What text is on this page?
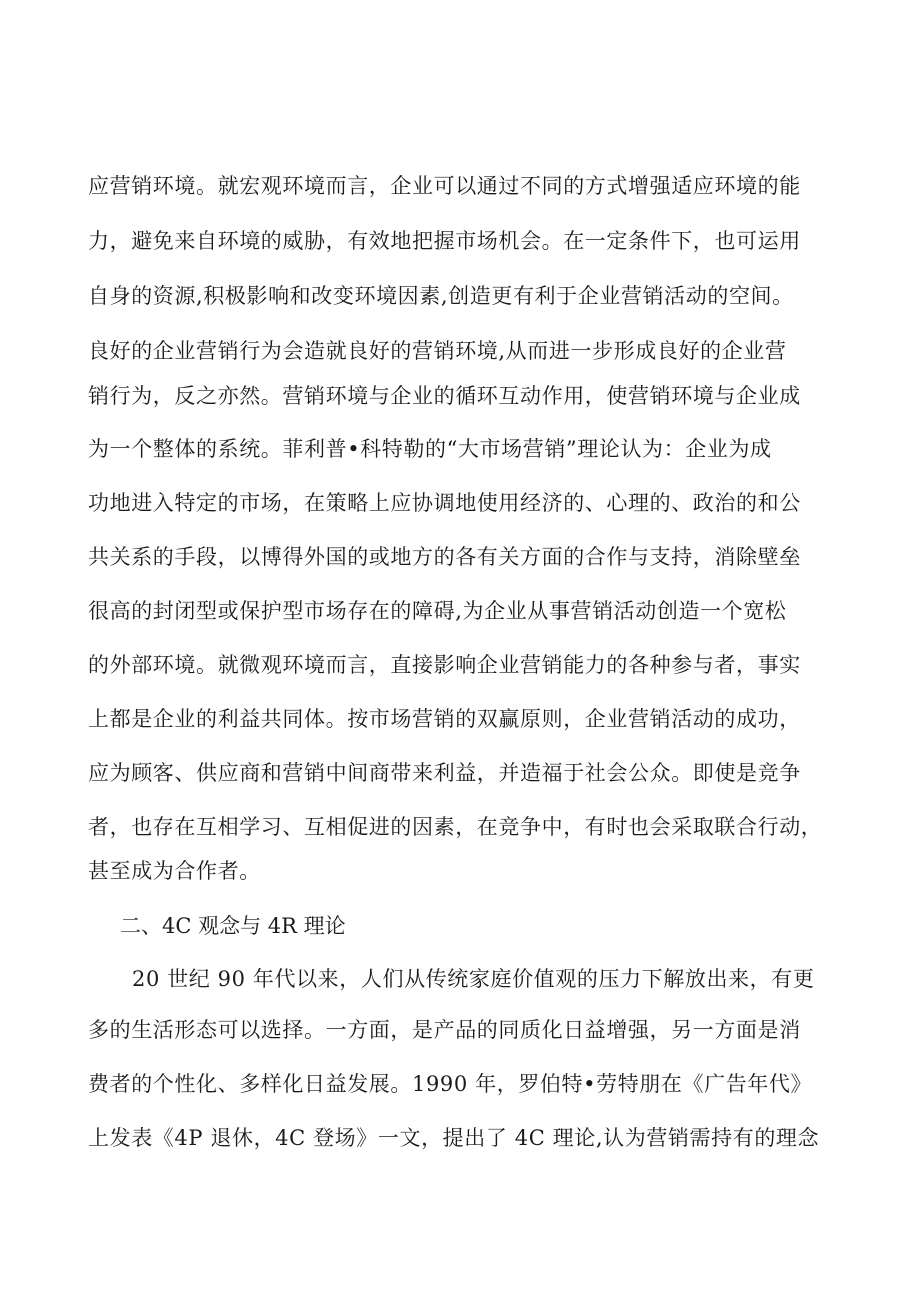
应营销环境。就宏观环境而言，企业可以通过不同的方式增强适应环境的能
力，避免来自环境的威胁，有效地把握市场机会。在一定条件下，也可运用
自身的资源,积极影响和改变环境因素,创造更有利于企业营销活动的空间。
良好的企业营销行为会造就良好的营销环境,从而进一步形成良好的企业营
销行为，反之亦然。营销环境与企业的循环互动作用，使营销环境与企业成
为一个整体的系统。菲利普•科特勒的“大市场营销”理论认为：企业为成
功地进入特定的市场，在策略上应协调地使用经济的、心理的、政治的和公
共关系的手段，以博得外国的或地方的各有关方面的合作与支持，消除壁垒
很高的封闭型或保护型市场存在的障碍,为企业从事营销活动创造一个宽松
的外部环境。就微观环境而言，直接影响企业营销能力的各种参与者，事实
上都是企业的利益共同体。按市场营销的双赢原则，企业营销活动的成功，
应为顾客、供应商和营销中间商带来利益，并造福于社会公众。即使是竞争
者，也存在互相学习、互相促进的因素，在竞争中，有时也会采取联合行动，
甚至成为合作者。
二、4C 观念与 4R 理论
20 世纪 90 年代以来，人们从传统家庭价值观的压力下解放出来，有更
多的生活形态可以选择。一方面，是产品的同质化日益增强，另一方面是消
费者的个性化、多样化日益发展。1990 年，罗伯特•劳特朋在《广告年代》
上发表《4P 退休，4C 登场》一文，提出了 4C 理论,认为营销需持有的理念
